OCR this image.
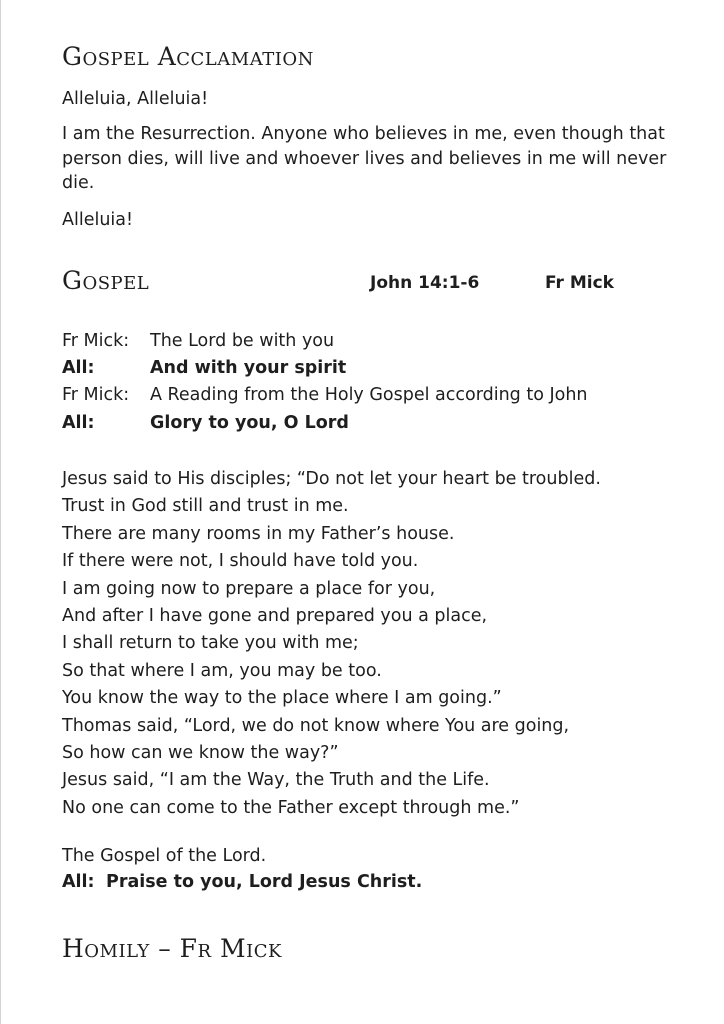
Gospel Acclamation

Alleluia, Alleluia!

I am the Resurrection. Anyone who believes in me, even though that person dies, will live and whoever lives and believes in me will never die.

Alleluia!

Gospel	John 14:1-6	Fr Mick
Fr Mick: The Lord be with you
All:	And with your spirit
Fr Mick: A Reading from the Holy Gospel according to John
All:	Glory to you, O Lord
Jesus said to His disciples; “Do not let your heart be troubled.
Trust in God still and trust in me.
There are many rooms in my Father’s house.
If there were not, I should have told you.
I am going now to prepare a place for you,
And after I have gone and prepared you a place,
I shall return to take you with me;
So that where I am, you may be too.
You know the way to the place where I am going.”
Thomas said, “Lord, we do not know where You are going,
So how can we know the way?”
Jesus said, “I am the Way, the Truth and the Life.
No one can come to the Father except through me.”

The Gospel of the Lord.

All: Praise to you, Lord Jesus Christ.
Homily – Fr Mick
